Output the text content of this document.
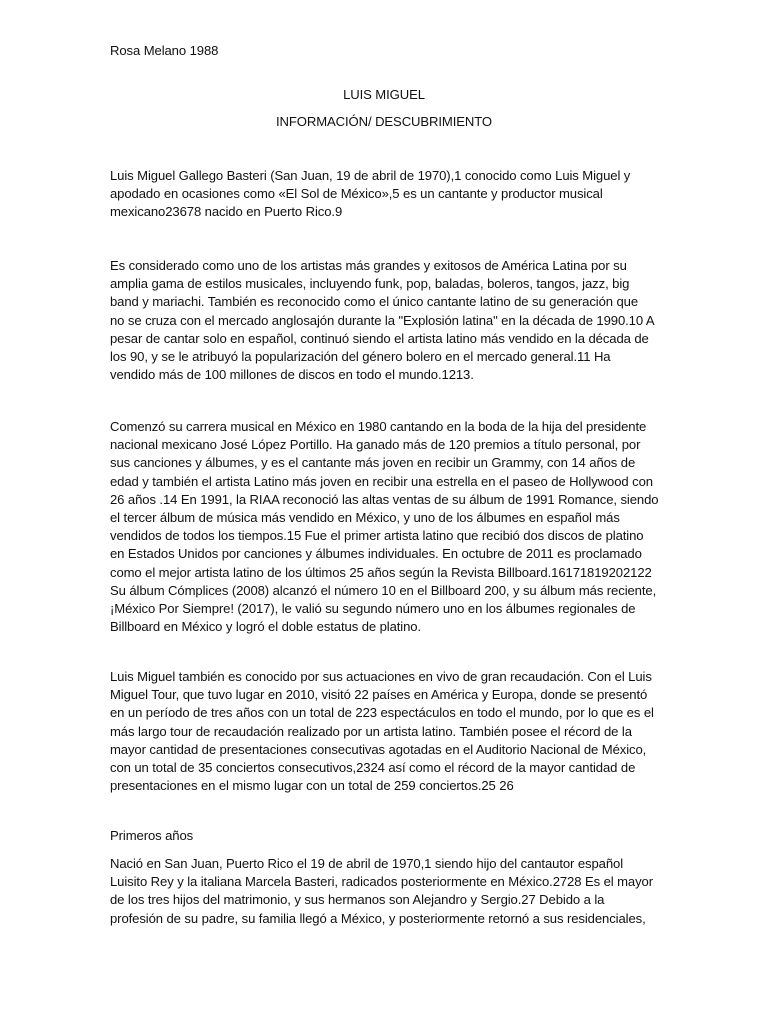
Rosa Melano 1988
LUIS MIGUEL
INFORMACIÓN/ DESCUBRIMIENTO
Luis Miguel Gallego Basteri (San Juan, 19 de abril de 1970),1 conocido como Luis Miguel y
apodado en ocasiones como «El Sol de México»,5 es un cantante y productor musical
mexicano23678 nacido en Puerto Rico.9
Es considerado como uno de los artistas más grandes y exitosos de América Latina por su
amplia gama de estilos musicales, incluyendo funk, pop, baladas, boleros, tangos, jazz, big
band y mariachi. También es reconocido como el único cantante latino de su generación que
no se cruza con el mercado anglosajón durante la "Explosión latina" en la década de 1990.10 A
pesar de cantar solo en español, continuó siendo el artista latino más vendido en la década de
los 90, y se le atribuyó la popularización del género bolero en el mercado general.11 Ha
vendido más de 100 millones de discos en todo el mundo.1213.
Comenzó su carrera musical en México en 1980 cantando en la boda de la hija del presidente
nacional mexicano José López Portillo. Ha ganado más de 120 premios a título personal, por
sus canciones y álbumes, y es el cantante más joven en recibir un Grammy, con 14 años de
edad y también el artista Latino más joven en recibir una estrella en el paseo de Hollywood con
26 años .14 En 1991, la RIAA reconoció las altas ventas de su álbum de 1991 Romance, siendo
el tercer álbum de música más vendido en México, y uno de los álbumes en español más
vendidos de todos los tiempos.15 Fue el primer artista latino que recibió dos discos de platino
en Estados Unidos por canciones y álbumes individuales. En octubre de 2011 es proclamado
como el mejor artista latino de los últimos 25 años según la Revista Billboard.16171819202122
Su álbum Cómplices (2008) alcanzó el número 10 en el Billboard 200, y su álbum más reciente,
¡México Por Siempre! (2017), le valió su segundo número uno en los álbumes regionales de
Billboard en México y logró el doble estatus de platino.
Luis Miguel también es conocido por sus actuaciones en vivo de gran recaudación. Con el Luis
Miguel Tour, que tuvo lugar en 2010, visitó 22 países en América y Europa, donde se presentó
en un período de tres años con un total de 223 espectáculos en todo el mundo, por lo que es el
más largo tour de recaudación realizado por un artista latino. También posee el récord de la
mayor cantidad de presentaciones consecutivas agotadas en el Auditorio Nacional de México,
con un total de 35 conciertos consecutivos,2324 así como el récord de la mayor cantidad de
presentaciones en el mismo lugar con un total de 259 conciertos.25 26
Primeros años
Nació en San Juan, Puerto Rico el 19 de abril de 1970,1 siendo hijo del cantautor español
Luisito Rey y la italiana Marcela Basteri, radicados posteriormente en México.2728 Es el mayor
de los tres hijos del matrimonio, y sus hermanos son Alejandro y Sergio.27 Debido a la
profesión de su padre, su familia llegó a México, y posteriormente retornó a sus residenciales,
